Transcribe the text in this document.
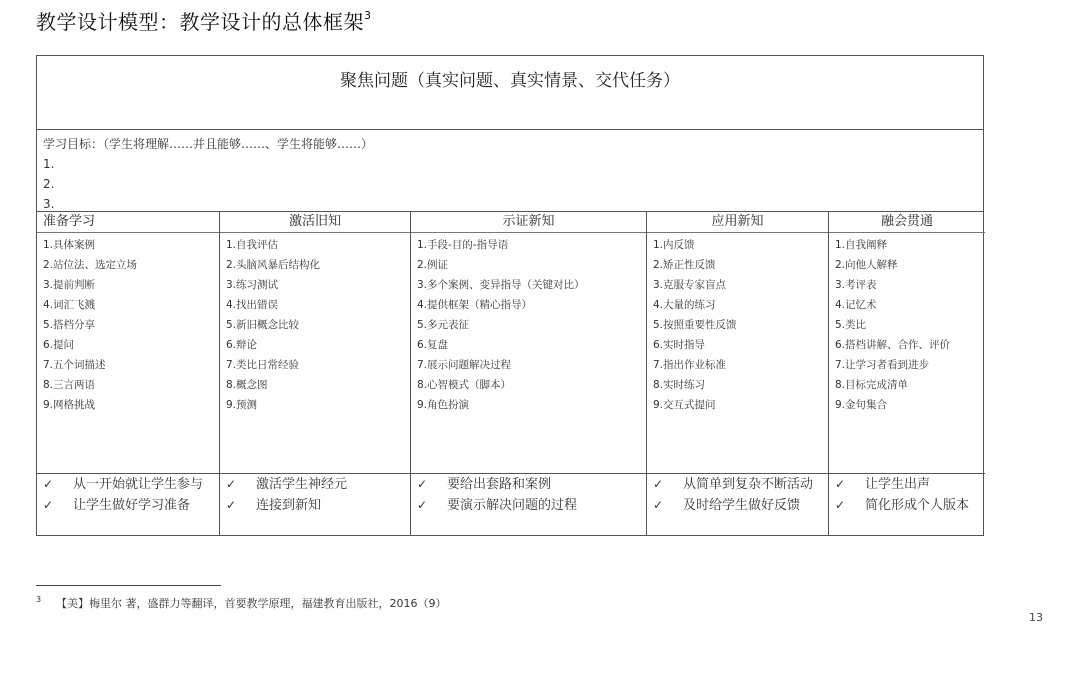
教学设计模型：教学设计的总体框架$^3$
聚焦问题（真实问题、真实情景、交代任务）
学习目标：（学生将理解……并且能够……、学生将能够……）
1.
2.
3.
准备学习
1.具体案例
2.站位法、选定立场
3.提前判断
4.词汇飞溅
5.搭档分享
6.提问
7.五个词描述
8.三言两语
9.网格挑战
✓ 从一开始就让学生参与
✓ 让学生做好学习准备
激活旧知
1.自我评估
2.头脑风暴后结构化
3.练习测试
4.找出错误
5.新旧概念比较
6.辩论
7.类比日常经验
8.概念图
9.预测
✓ 激活学生神经元
✓ 连接到新知
示证新知
1.手段-目的-指导语
2.例证
3.多个案例、变异指导（关键对比）
4.提供框架（精心指导）
5.多元表征
6.复盘
7.展示问题解决过程
8.心智模式（脚本）
9.角色扮演
✓ 要给出套路和案例
✓ 要演示解决问题的过程
应用新知
1.内反馈
2.矫正性反馈
3.克服专家盲点
4.大量的练习
5.按照重要性反馈
6.实时指导
7.指出作业标准
8.实时练习
9.交互式提问
✓ 从简单到复杂不断活动
✓ 及时给学生做好反馈
融会贯通
1.自我阐释
2.向他人解释
3.考评表
4.记忆术
5.类比
6.搭档讲解、合作、评价
7.让学习者看到进步
8.目标完成清单
9.金句集合
✓ 让学生出声
✓ 简化形成个人版本
3 【美】梅里尔 著，盛群力等翻译，首要教学原理，福建教育出版社，2016（9）
13
